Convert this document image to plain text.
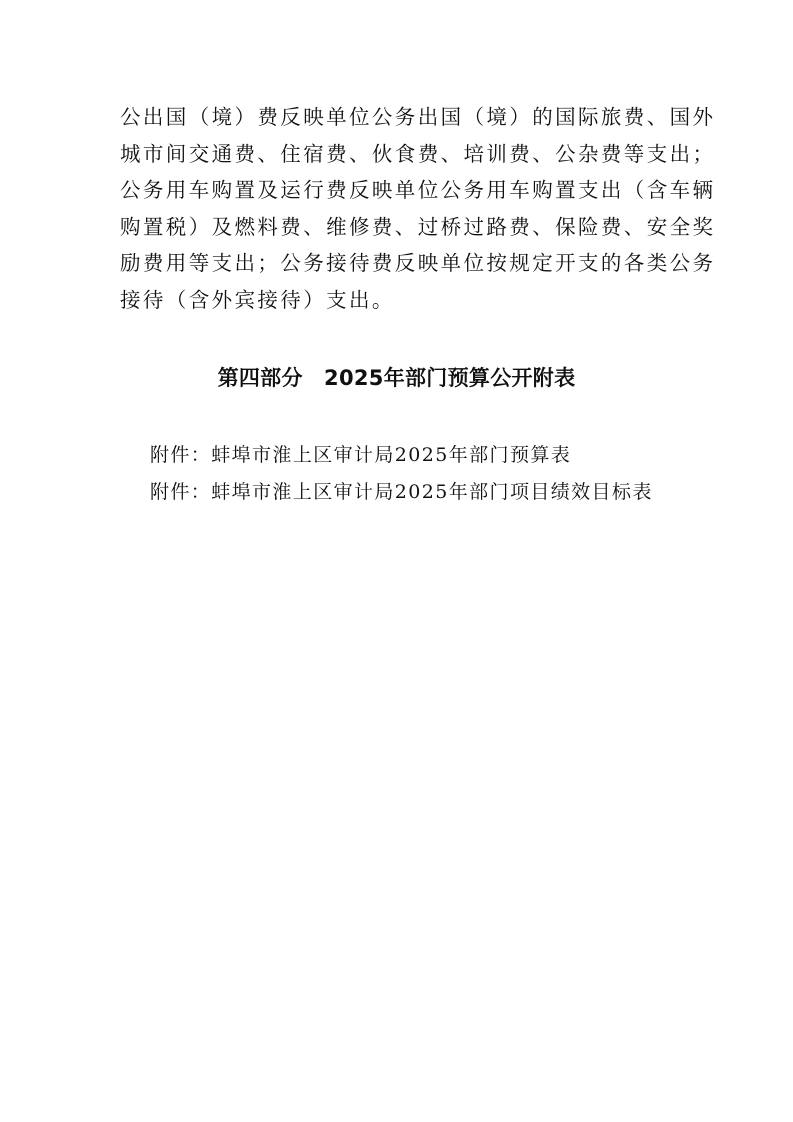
公出国（境）费反映单位公务出国（境）的国际旅费、国外
城市间交通费、住宿费、伙食费、培训费、公杂费等支出；
公务用车购置及运行费反映单位公务用车购置支出（含车辆
购置税）及燃料费、维修费、过桥过路费、保险费、安全奖
励费用等支出；公务接待费反映单位按规定开支的各类公务
接待（含外宾接待）支出。
第四部分　2025年部门预算公开附表
附件：蚌埠市淮上区审计局2025年部门预算表
附件：蚌埠市淮上区审计局2025年部门项目绩效目标表
